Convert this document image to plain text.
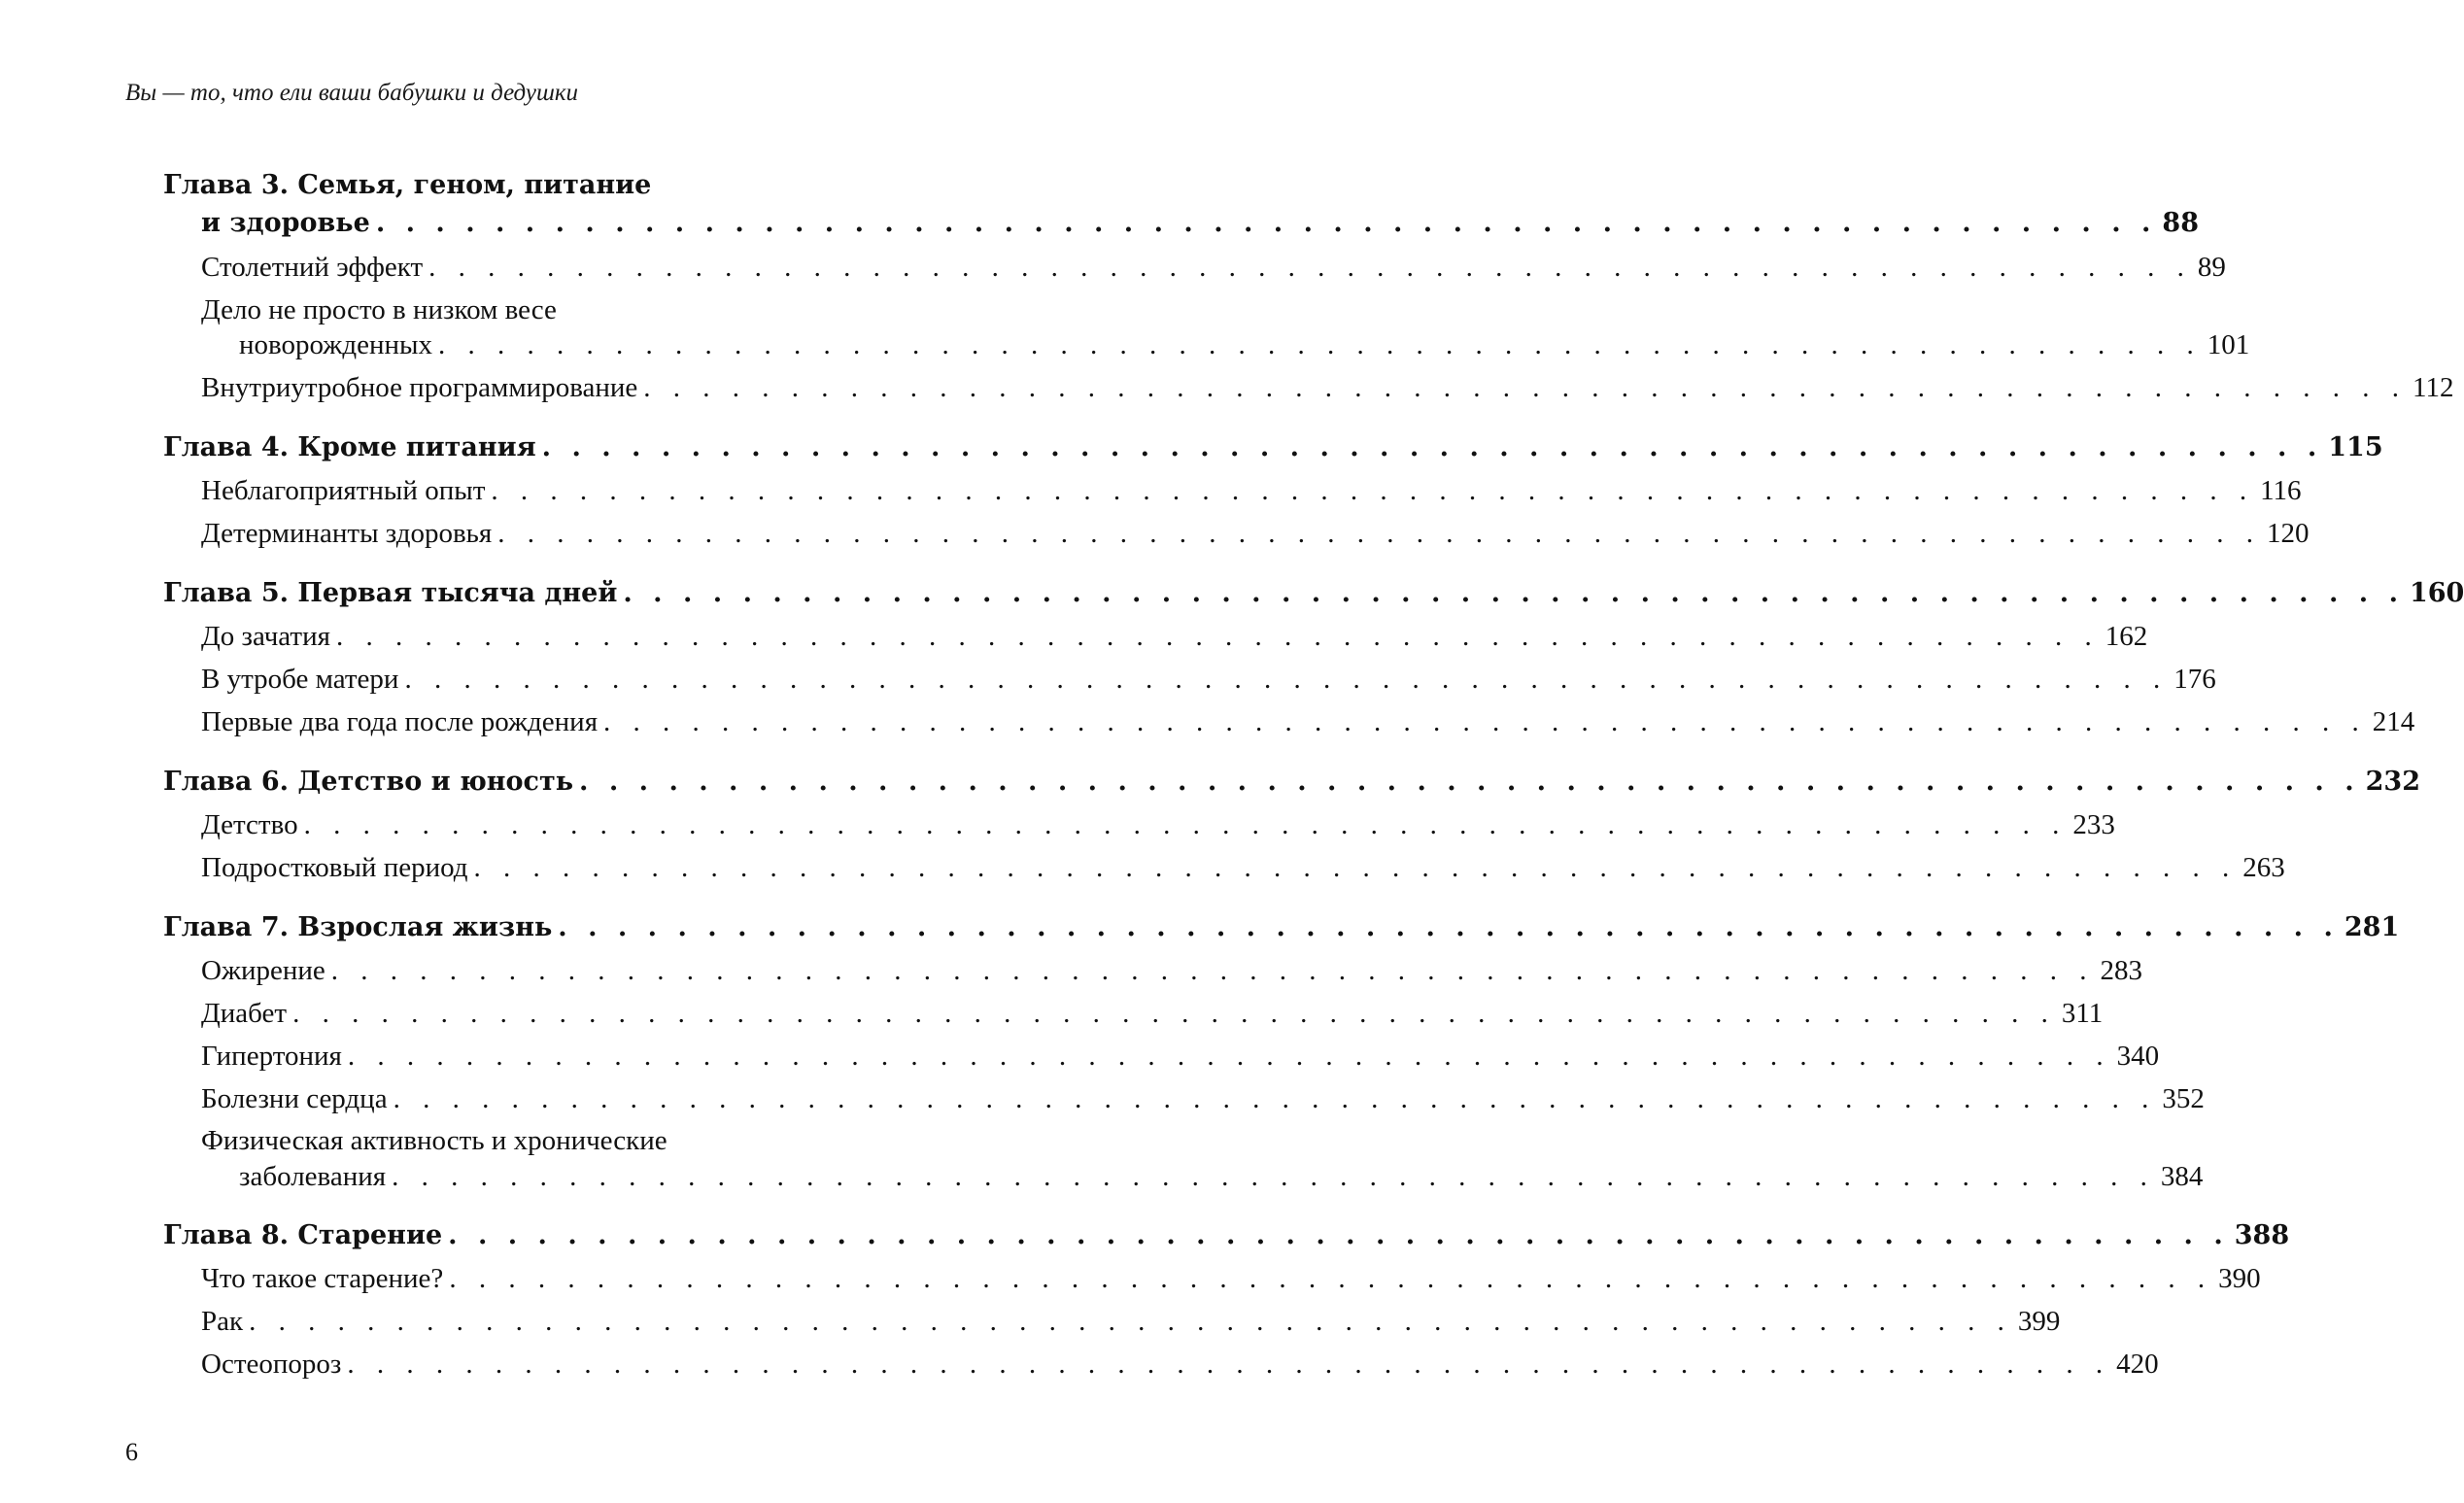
Вы — то, что ели ваши бабушки и дедушки
Глава 3. Семья, геном, питание
и здоровье . . . . . . . . . . . . . . . . . . . . . . . . . . . . . . . . . . . . . . . . . . . . . . . . . . . . . . . . . . . . 88
Столетний эффект . . . . . . . . . . . . . . . . . . . . . . . . . . . . . . . . . . . . . . . . . . . . . . . . . . . . . . . . . . . . 89
Дело не просто в низком весе
новорожденных . . . . . . . . . . . . . . . . . . . . . . . . . . . . . . . . . . . . . . . . . . . . . . . . . . . . . . . . . . . . 101
Внутриутробное программирование . . . . . . . . . . . . . . . . . . . . . . . . . . . . . . . . . . . . . . . . . . . . . . . . . . . . . . . . . . . . 112
Глава 4. Кроме питания . . . . . . . . . . . . . . . . . . . . . . . . . . . . . . . . . . . . . . . . . . . . . . . . . . . . . . . . . . . . 115
Неблагоприятный опыт . . . . . . . . . . . . . . . . . . . . . . . . . . . . . . . . . . . . . . . . . . . . . . . . . . . . . . . . . . . . 116
Детерминанты здоровья . . . . . . . . . . . . . . . . . . . . . . . . . . . . . . . . . . . . . . . . . . . . . . . . . . . . . . . . . . . . 120
Глава 5. Первая тысяча дней . . . . . . . . . . . . . . . . . . . . . . . . . . . . . . . . . . . . . . . . . . . . . . . . . . . . . . . . . . . . 160
До зачатия . . . . . . . . . . . . . . . . . . . . . . . . . . . . . . . . . . . . . . . . . . . . . . . . . . . . . . . . . . . . 162
В утробе матери . . . . . . . . . . . . . . . . . . . . . . . . . . . . . . . . . . . . . . . . . . . . . . . . . . . . . . . . . . . . 176
Первые два года после рождения . . . . . . . . . . . . . . . . . . . . . . . . . . . . . . . . . . . . . . . . . . . . . . . . . . . . . . . . . . . . 214
Глава 6. Детство и юность . . . . . . . . . . . . . . . . . . . . . . . . . . . . . . . . . . . . . . . . . . . . . . . . . . . . . . . . . . . . 232
Детство . . . . . . . . . . . . . . . . . . . . . . . . . . . . . . . . . . . . . . . . . . . . . . . . . . . . . . . . . . . . 233
Подростковый период . . . . . . . . . . . . . . . . . . . . . . . . . . . . . . . . . . . . . . . . . . . . . . . . . . . . . . . . . . . . 263
Глава 7. Взрослая жизнь . . . . . . . . . . . . . . . . . . . . . . . . . . . . . . . . . . . . . . . . . . . . . . . . . . . . . . . . . . . . 281
Ожирение . . . . . . . . . . . . . . . . . . . . . . . . . . . . . . . . . . . . . . . . . . . . . . . . . . . . . . . . . . . . 283
Диабет . . . . . . . . . . . . . . . . . . . . . . . . . . . . . . . . . . . . . . . . . . . . . . . . . . . . . . . . . . . . 311
Гипертония . . . . . . . . . . . . . . . . . . . . . . . . . . . . . . . . . . . . . . . . . . . . . . . . . . . . . . . . . . . . 340
Болезни сердца . . . . . . . . . . . . . . . . . . . . . . . . . . . . . . . . . . . . . . . . . . . . . . . . . . . . . . . . . . . . 352
Физическая активность и хронические
заболевания . . . . . . . . . . . . . . . . . . . . . . . . . . . . . . . . . . . . . . . . . . . . . . . . . . . . . . . . . . . . 384
Глава 8. Старение . . . . . . . . . . . . . . . . . . . . . . . . . . . . . . . . . . . . . . . . . . . . . . . . . . . . . . . . . . . . 388
Что такое старение? . . . . . . . . . . . . . . . . . . . . . . . . . . . . . . . . . . . . . . . . . . . . . . . . . . . . . . . . . . . . 390
Рак . . . . . . . . . . . . . . . . . . . . . . . . . . . . . . . . . . . . . . . . . . . . . . . . . . . . . . . . . . . . 399
Остеопороз . . . . . . . . . . . . . . . . . . . . . . . . . . . . . . . . . . . . . . . . . . . . . . . . . . . . . . . . . . . . 420
6
